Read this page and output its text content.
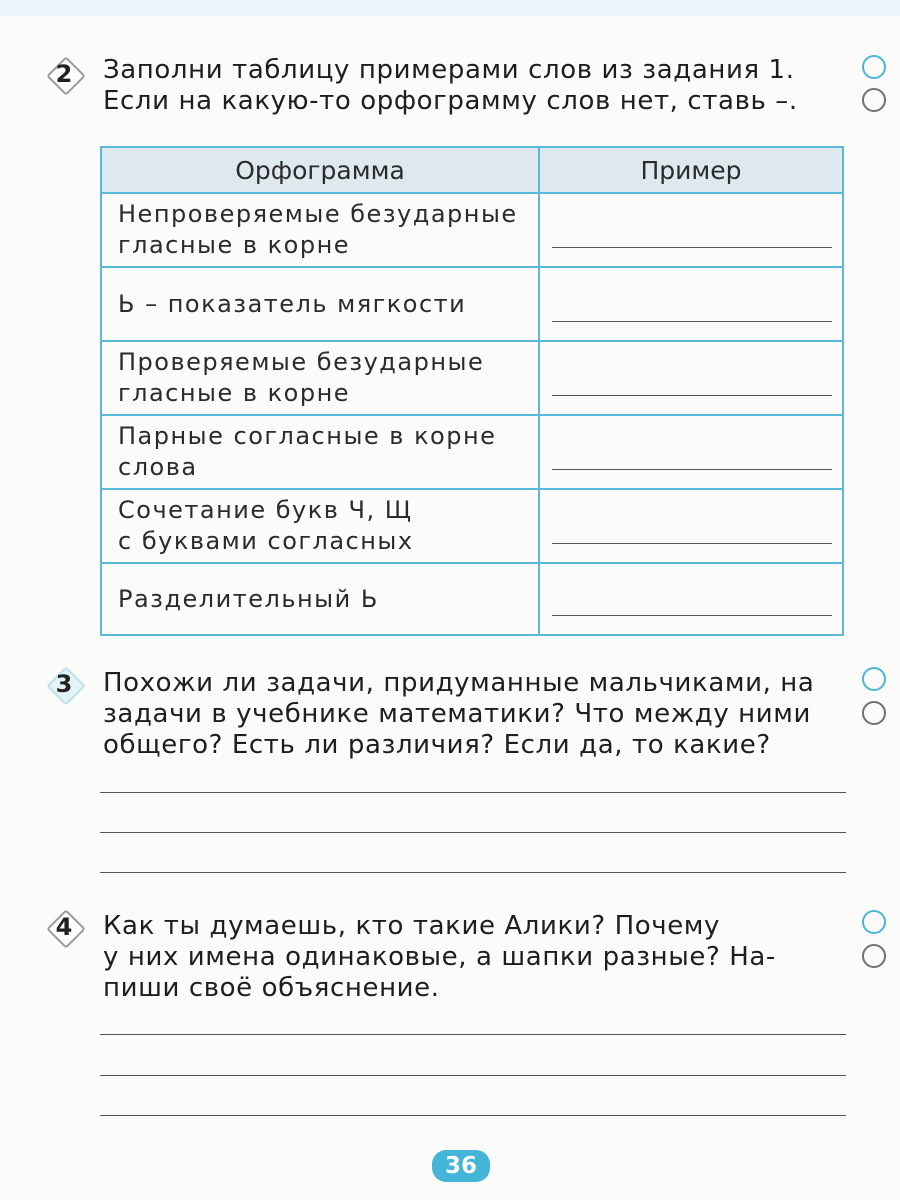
2 Заполни таблицу примерами слов из задания 1.
Если на какую-то орфограмму слов нет, ставь –.
Орфограмма	Пример
Непроверяемые безударные
гласные в корне
Ь – показатель мягкости
Проверяемые безударные
гласные в корне
Парные согласные в корне
слова
Сочетание букв Ч, Щ
с буквами согласных
Разделительный Ь
3 Похожи ли задачи, придуманные мальчиками, на
задачи в учебнике математики? Что между ними
общего? Есть ли различия? Если да, то какие?
4 Как ты думаешь, кто такие Алики? Почему
у них имена одинаковые, а шапки разные? На-
пиши своё объяснение.
36
